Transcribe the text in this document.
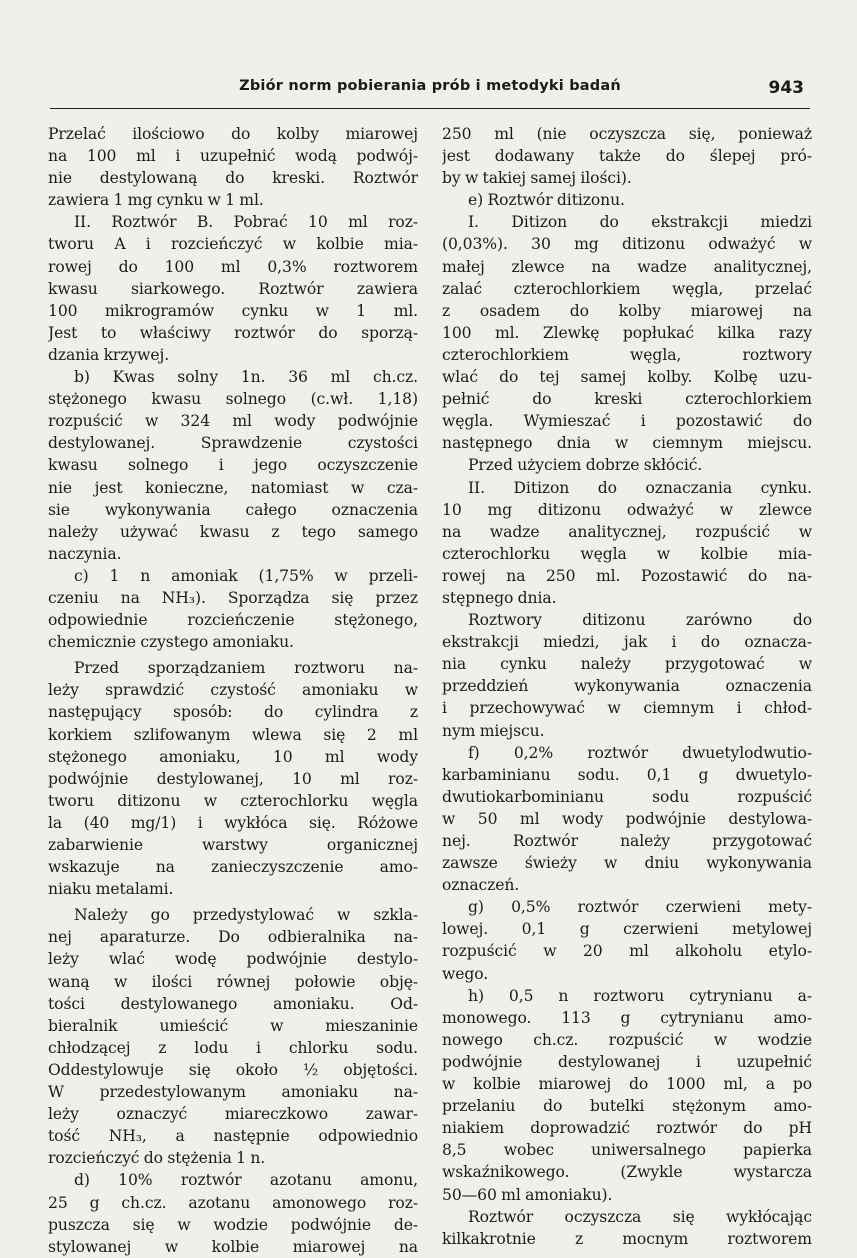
Zbiór norm pobierania prób i metodyki badań	943
Przelać ilościowo do kolby miarowej
na 100 ml i uzupełnić wodą podwój-
nie destylowaną do kreski. Roztwór
zawiera 1 mg cynku w 1 ml.
II. Roztwór B. Pobrać 10 ml roz-
tworu A i rozcieńczyć w kolbie mia-
rowej do 100 ml 0,3% roztworem
kwasu siarkowego. Roztwór zawiera
100 mikrogramów cynku w 1 ml.
Jest to właściwy roztwór do sporzą-
dzania krzywej.
b) Kwas solny 1n. 36 ml ch.cz.
stężonego kwasu solnego (c.wł. 1,18)
rozpuścić w 324 ml wody podwójnie
destylowanej. Sprawdzenie czystości
kwasu solnego i jego oczyszczenie
nie jest konieczne, natomiast w cza-
sie wykonywania całego oznaczenia
należy używać kwasu z tego samego
naczynia.
c) 1 n amoniak (1,75% w przeli-
czeniu na NH₃). Sporządza się przez
odpowiednie rozcieńczenie stężonego,
chemicznie czystego amoniaku.
Przed sporządzaniem roztworu na-
leży sprawdzić czystość amoniaku w
następujący sposób: do cylindra z
korkiem szlifowanym wlewa się 2 ml
stężonego amoniaku, 10 ml wody
podwójnie destylowanej, 10 ml roz-
tworu ditizonu w czterochlorku węgla
la (40 mg/1) i wykłóca się. Różowe
zabarwienie warstwy organicznej
wskazuje na zanieczyszczenie amo-
niaku metalami.
Należy go przedystylować w szkla-
nej aparaturze. Do odbieralnika na-
leży wlać wodę podwójnie destylo-
waną w ilości równej połowie obję-
tości destylowanego amoniaku. Od-
bieralnik umieścić w mieszaninie
chłodzącej z lodu i chlorku sodu.
Oddestylowuje się około ½ objętości.
W przedestylowanym amoniaku na-
leży oznaczyć miareczkowo zawar-
tość NH₃, a następnie odpowiednio
rozcieńczyć do stężenia 1 n.
d) 10% roztwór azotanu amonu,
25 g ch.cz. azotanu amonowego roz-
puszcza się w wodzie podwójnie de-
stylowanej w kolbie miarowej na
250 ml (nie oczyszcza się, ponieważ
jest dodawany także do ślepej pró-
by w takiej samej ilości).
e) Roztwór ditizonu.
I. Ditizon do ekstrakcji miedzi
(0,03%). 30 mg ditizonu odważyć w
małej zlewce na wadze analitycznej,
zalać czterochlorkiem węgla, przelać
z osadem do kolby miarowej na
100 ml. Zlewkę popłukać kilka razy
czterochlorkiem węgla, roztwory
wlać do tej samej kolby. Kolbę uzu-
pełnić do kreski czterochlorkiem
węgla. Wymieszać i pozostawić do
następnego dnia w ciemnym miejscu.
Przed użyciem dobrze skłócić.
II. Ditizon do oznaczania cynku.
10 mg ditizonu odważyć w zlewce
na wadze analitycznej, rozpuścić w
czterochlorku węgla w kolbie mia-
rowej na 250 ml. Pozostawić do na-
stępnego dnia.
Roztwory ditizonu zarówno do
ekstrakcji miedzi, jak i do oznacza-
nia cynku należy przygotować w
przeddzień wykonywania oznaczenia
i przechowywać w ciemnym i chłod-
nym miejscu.
f) 0,2% roztwór dwuetylodwutio-
karbaminianu sodu. 0,1 g dwuetylo-
dwutiokarbominianu sodu rozpuścić
w 50 ml wody podwójnie destylowa-
nej. Roztwór należy przygotować
zawsze świeży w dniu wykonywania
oznaczeń.
g) 0,5% roztwór czerwieni mety-
lowej. 0,1 g czerwieni metylowej
rozpuścić w 20 ml alkoholu etylo-
wego.
h) 0,5 n roztworu cytrynianu a-
monowego. 113 g cytrynianu amo-
nowego ch.cz. rozpuścić w wodzie
podwójnie destylowanej i uzupełnić
w kolbie miarowej do 1000 ml, a po
przelaniu do butelki stężonym amo-
niakiem doprowadzić roztwór do pH
8,5 wobec uniwersalnego papierka
wskaźnikowego. (Zwykle wystarcza
50—60 ml amoniaku).
Roztwór oczyszcza się wykłócając
kilkakrotnie z mocnym roztworem
